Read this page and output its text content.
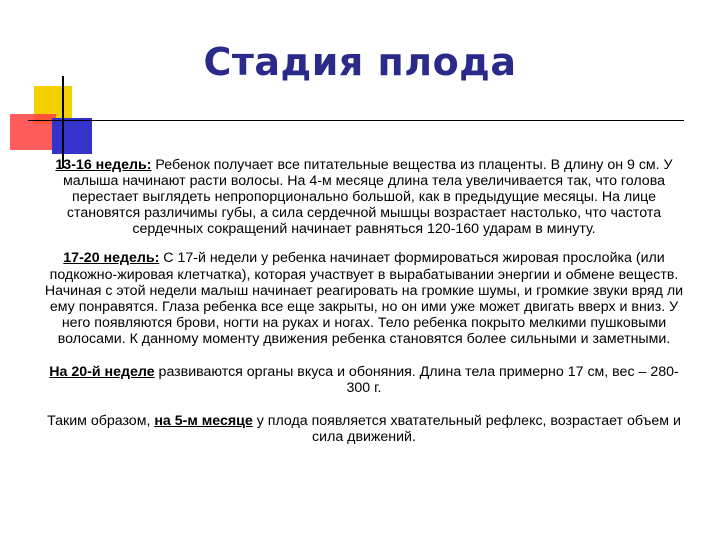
Стадия плода

13-16 недель: Ребенок получает все питательные вещества из плаценты. В длину он 9 см. У малыша начинают расти волосы. На 4-м месяце длина тела увеличивается так, что голова перестает выглядеть непропорционально большой, как в предыдущие месяцы. На лице становятся различимы губы, а сила сердечной мышцы возрастает настолько, что частота сердечных сокращений начинает равняться 120-160 ударам в минуту.

17-20 недель: С 17-й недели у ребенка начинает формироваться жировая прослойка (или подкожно-жировая клетчатка), которая участвует в вырабатывании энергии и обмене веществ. Начиная с этой недели малыш начинает реагировать на громкие шумы, и громкие звуки вряд ли ему понравятся. Глаза ребенка все еще закрыты, но он ими уже может двигать вверх и вниз. У него появляются брови, ногти на руках и ногах. Тело ребенка покрыто мелкими пушковыми волосами. К данному моменту движения ребенка становятся более сильными и заметными.

На 20-й неделе развиваются органы вкуса и обоняния. Длина тела примерно 17 см, вес – 280-300 г.

Таким образом, на 5-м месяце у плода появляется хватательный рефлекс, возрастает объем и сила движений.
